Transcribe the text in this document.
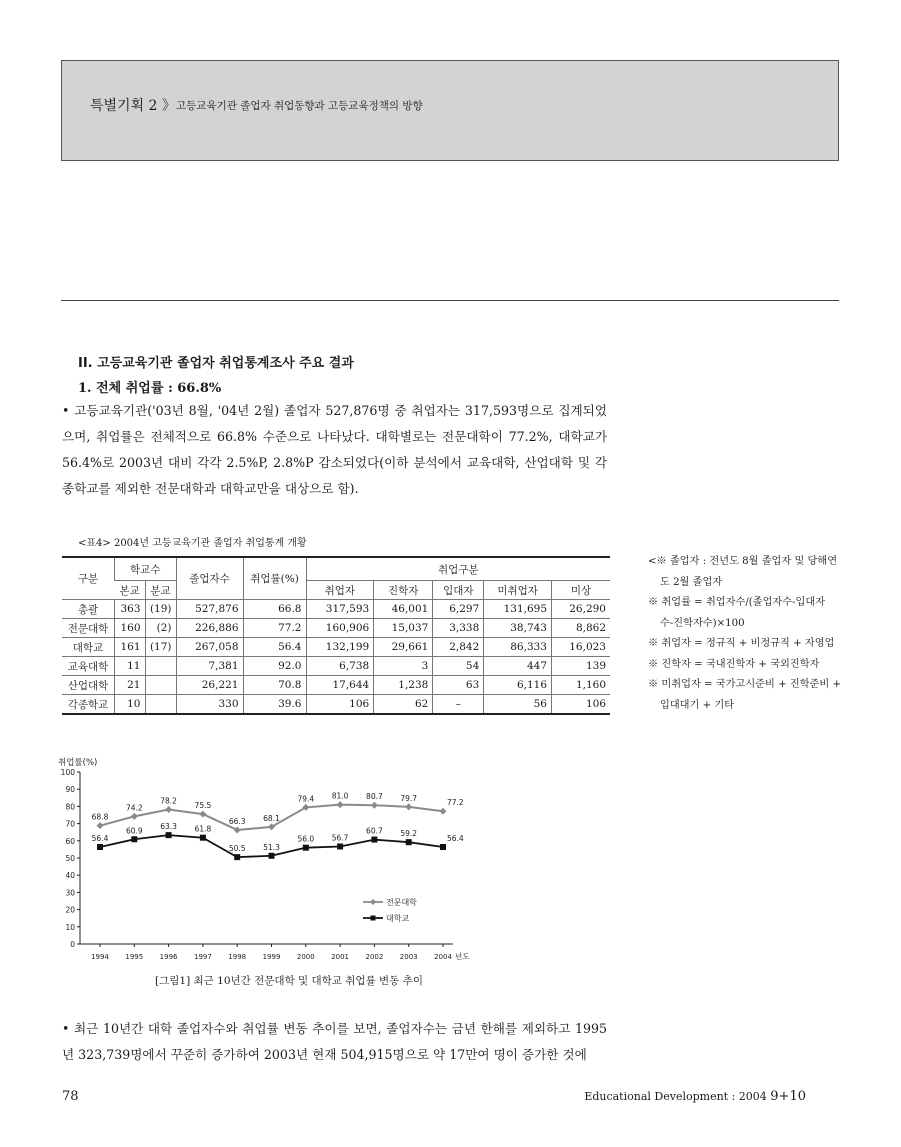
특별기획 2 》 고등교육기관 졸업자 취업동향과 고등교육정책의 방향
II. 고등교육기관 졸업자 취업통계조사 주요 결과
1. 전체 취업률 : 66.8%
• 고등교육기관('03년 8월, '04년 2월) 졸업자 527,876명 중 취업자는 317,593명으로 집계되었으며, 취업률은 전체적으로 66.8% 수준으로 나타났다. 대학별로는 전문대학이 77.2%, 대학교가 56.4%로 2003년 대비 각각 2.5%P, 2.8%P 감소되었다(이하 분석에서 교육대학, 산업대학 및 각종학교를 제외한 전문대학과 대학교만을 대상으로 함).
<표4> 2004년 고등교육기관 졸업자 취업통계 개황
구분	학교수		졸업자수	취업률(%)	취업구분				
	본교	분교			취업자	진학자	입대자	미취업자	미상
총괄	363	(19)	527,876	66.8	317,593	46,001	6,297	131,695	26,290
전문대학	160	(2)	226,886	77.2	160,906	15,037	3,338	38,743	8,862
대학교	161	(17)	267,058	56.4	132,199	29,661	2,842	86,333	16,023
교육대학	11		7,381	92.0	6,738	3	54	447	139
산업대학	21		26,221	70.8	17,644	1,238	63	6,116	1,160
각종학교	10		330	39.6	106	62	–	56	106
<※ 졸업자 : 전년도 8월 졸업자 및 당해연
도 2월 졸업자
※ 취업률 = 취업자수/(졸업자수-입대자
수-진학자수)×100
※ 취업자 = 정규직 + 비정규직 + 자영업
※ 진학자 = 국내진학자 + 국외진학자
※ 미취업자 = 국가고시준비 + 진학준비 +
입대대기 + 기타
취업률(%)
0
10
20
30
40
50
60
70
80
90
100
1994 1995 1996 1997 1998 1999 2000 2001 2002 2003 2004 년도
68.8
74.2
78.2
75.5
66.3 68.1
79.4 81.0 80.7 79.7	77.2
56.4
60.9 63.3 61.8
50.5 51.3
56.0 56.7
60.7 59.2
56.4
전문대학
대학교
[그림1] 최근 10년간 전문대학 및 대학교 취업률 변동 추이
• 최근 10년간 대학 졸업자수와 취업률 변동 추이를 보면, 졸업자수는 금년 한해를 제외하고 1995년 323,739명에서 꾸준히 증가하여 2003년 현재 504,915명으로 약 17만여 명이 증가한 것에
78	Educational Development : 2004 9+10
